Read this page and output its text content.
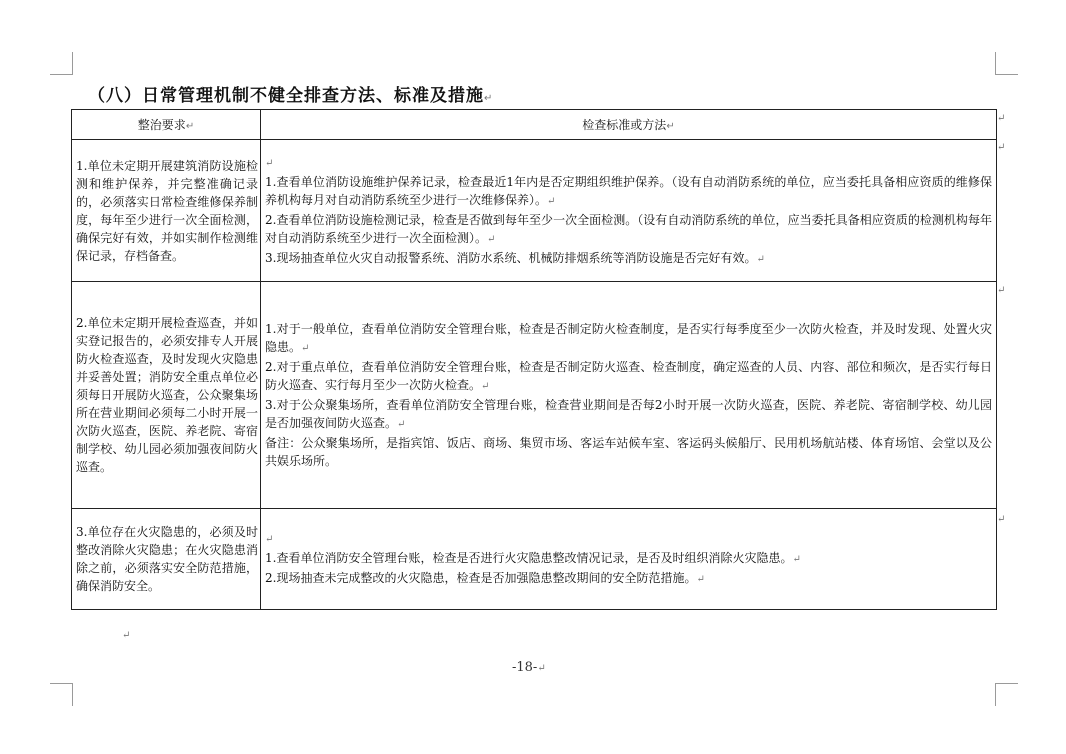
（八）日常管理机制不健全排查方法、标准及措施↵
整治要求↵	检查标准或方法↵

1.单位未定期开展建筑消防设施检测和维护保养，并完整准确记录的，必须落实日常检查维修保养制度，每年至少进行一次全面检测，确保完好有效，并如实制作检测维保记录，存档备查。	↵
1.查看单位消防设施维护保养记录，检查最近1年内是否定期组织维护保养。（设有自动消防系统的单位，应当委托具备相应资质的维修保养机构每月对自动消防系统至少进行一次维修保养）。↵
2.查看单位消防设施检测记录，检查是否做到每年至少一次全面检测。（设有自动消防系统的单位，应当委托具备相应资质的检测机构每年对自动消防系统至少进行一次全面检测）。↵
3.现场抽查单位火灾自动报警系统、消防水系统、机械防排烟系统等消防设施是否完好有效。↵

2.单位未定期开展检查巡查，并如实登记报告的，必须安排专人开展防火检查巡查，及时发现火灾隐患并妥善处置；消防安全重点单位必须每日开展防火巡查，公众聚集场所在营业期间必须每二小时开展一次防火巡查，医院、养老院、寄宿制学校、幼儿园必须加强夜间防火巡查。	1.对于一般单位，查看单位消防安全管理台账，检查是否制定防火检查制度，是否实行每季度至少一次防火检查，并及时发现、处置火灾隐患。↵
2.对于重点单位，查看单位消防安全管理台账，检查是否制定防火巡查、检查制度，确定巡查的人员、内容、部位和频次，是否实行每日防火巡查、实行每月至少一次防火检查。↵
3.对于公众聚集场所，查看单位消防安全管理台账，检查营业期间是否每2小时开展一次防火巡查，医院、养老院、寄宿制学校、幼儿园是否加强夜间防火巡查。↵
备注：公众聚集场所，是指宾馆、饭店、商场、集贸市场、客运车站候车室、客运码头候船厅、民用机场航站楼、体育场馆、会堂以及公共娱乐场所。

3.单位存在火灾隐患的，必须及时整改消除火灾隐患；在火灾隐患消除之前，必须落实安全防范措施，确保消防安全。	↵
1.查看单位消防安全管理台账，检查是否进行火灾隐患整改情况记录，是否及时组织消除火灾隐患。↵
2.现场抽查未完成整改的火灾隐患，检查是否加强隐患整改期间的安全防范措施。↵
↵
↵
↵
↵
↵
-18-↵
